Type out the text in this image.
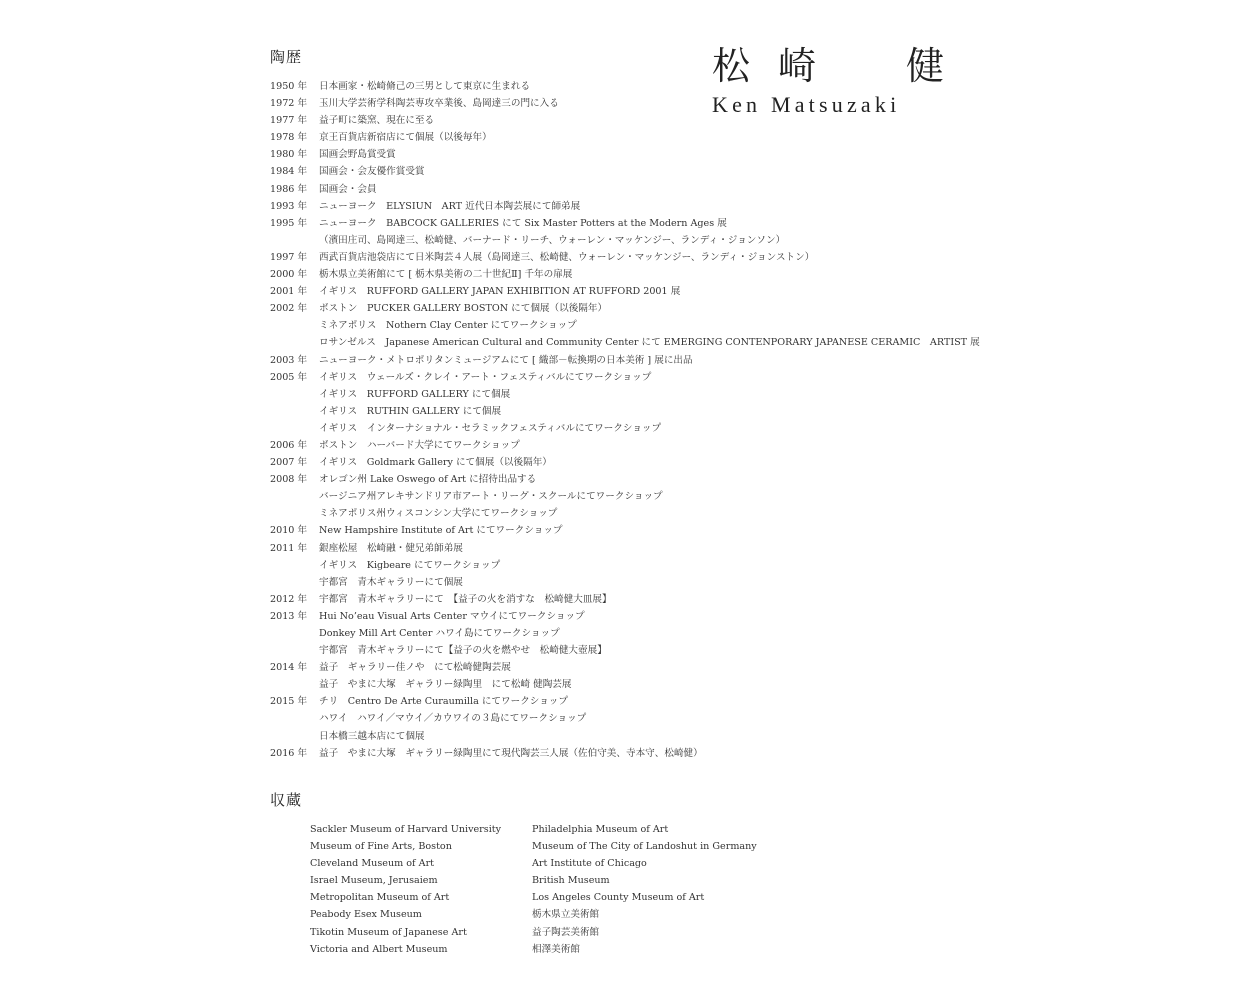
陶歴	松 崎 健
Ken Matsuzaki
1950 年	日本画家・松崎脩己の三男として東京に生まれる
1972 年	玉川大学芸術学科陶芸専攻卒業後、島岡達三の門に入る
1977 年	益子町に築窯、現在に至る
1978 年	京王百貨店新宿店にて個展（以後毎年）
1980 年	国画会野島賞受賞
1984 年	国画会・会友優作賞受賞
1986 年	国画会・会員
1993 年	ニューヨーク　ELYSIUN　ART 近代日本陶芸展にて師弟展
1995 年	ニューヨーク　BABCOCK GALLERIES にて Six Master Potters at the Modern Ages 展
（濱田庄司、島岡達三、松崎健、バーナード・リーチ、ウォーレン・マッケンジー、ランディ・ジョンソン）
1997 年	西武百貨店池袋店にて日米陶芸４人展（島岡達三、松崎健、ウォーレン・マッケンジー、ランディ・ジョンストン）
2000 年	栃木県立美術館にて [ 栃木県美術の二十世紀Ⅱ] 千年の扉展
2001 年	イギリス　RUFFORD GALLERY JAPAN EXHIBITION AT RUFFORD 2001 展
2002 年	ボストン　PUCKER GALLERY BOSTON にて個展（以後隔年）
ミネアポリス　Nothern Clay Center にてワークショップ
ロサンゼルス　Japanese American Cultural and Community Center にて EMERGING CONTENPORARY JAPANESE CERAMIC　ARTIST 展
2003 年	ニューヨーク・メトロポリタンミュージアムにて [ 織部－転換期の日本美術 ] 展に出品
2005 年	イギリス　ウェールズ・クレイ・アート・フェスティバルにてワークショップ
イギリス　RUFFORD GALLERY にて個展
イギリス　RUTHIN GALLERY にて個展
イギリス　インターナショナル・セラミックフェスティバルにてワークショップ
2006 年	ボストン　ハーバード大学にてワークショップ
2007 年	イギリス　Goldmark Gallery にて個展（以後隔年）
2008 年	オレゴン州 Lake Oswego of Art に招待出品する
バージニア州アレキサンドリア市アート・リーグ・スクールにてワークショップ
ミネアポリス州ウィスコンシン大学にてワークショップ
2010 年	New Hampshire Institute of Art にてワークショップ
2011 年	銀座松屋　松崎融・健兄弟師弟展
イギリス　Kigbeare にてワークショップ
宇都宮　青木ギャラリーにて個展
2012 年	宇都宮　青木ギャラリーにて　【益子の火を消すな　松崎健大皿展】
2013 年	Hui No’eau Visual Arts Center マウイにてワークショップ
Donkey Mill Art Center ハワイ島にてワークショップ
宇都宮　青木ギャラリーにて【益子の火を燃やせ　松崎健大壺展】
2014 年	益子　ギャラリー佳ノや　にて松崎健陶芸展
益子　やまに大塚　ギャラリー緑陶里　にて松崎 健陶芸展
2015 年	チリ　Centro De Arte Curaumilla にてワークショップ
ハワイ　ハワイ／マウイ／カウワイの３島にてワークショップ
日本橋三越本店にて個展
2016 年	益子　やまに大塚　ギャラリー緑陶里にて現代陶芸三人展（佐伯守美、寺本守、松崎健）
収蔵
Sackler Museum of Harvard University
Museum of Fine Arts, Boston
Cleveland Museum of Art
Israel Museum, Jerusaiem
Metropolitan Museum of Art
Peabody Esex Museum
Tikotin Museum of Japanese Art
Victoria and Albert Museum
Philadelphia Museum of Art
Museum of The City of Landoshut in Germany
Art Institute of Chicago
British Museum
Los Angeles County Museum of Art
栃木県立美術館
益子陶芸美術館
相澤美術館
